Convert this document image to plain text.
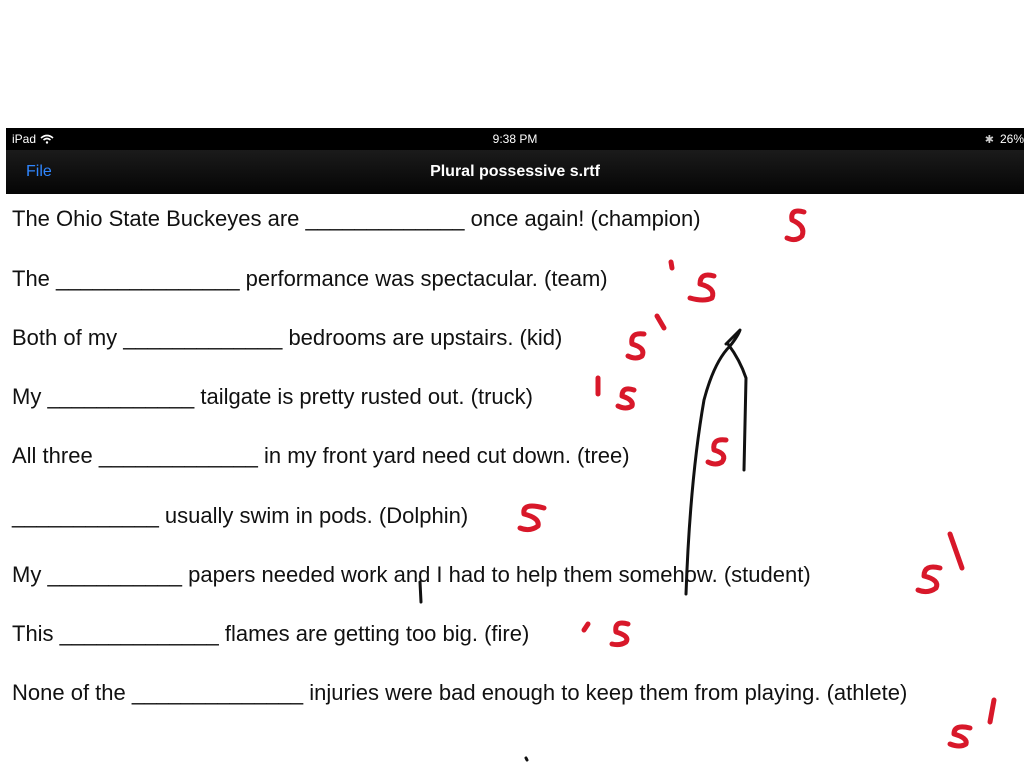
iPad	9:38 PM	✱ 26%
File	Plural possessive s.rtf
The Ohio State Buckeyes are _____________ once again! (champion)
The _______________ performance was spectacular. (team)
Both of my _____________ bedrooms are upstairs. (kid)
My ____________ tailgate is pretty rusted out. (truck)
All three _____________ in my front yard need cut down. (tree)
____________ usually swim in pods. (Dolphin)
My ___________ papers needed work and I had to help them somehow. (student)
This _____________ flames are getting too big. (fire)
None of the ______________ injuries were bad enough to keep them from playing. (athlete)
